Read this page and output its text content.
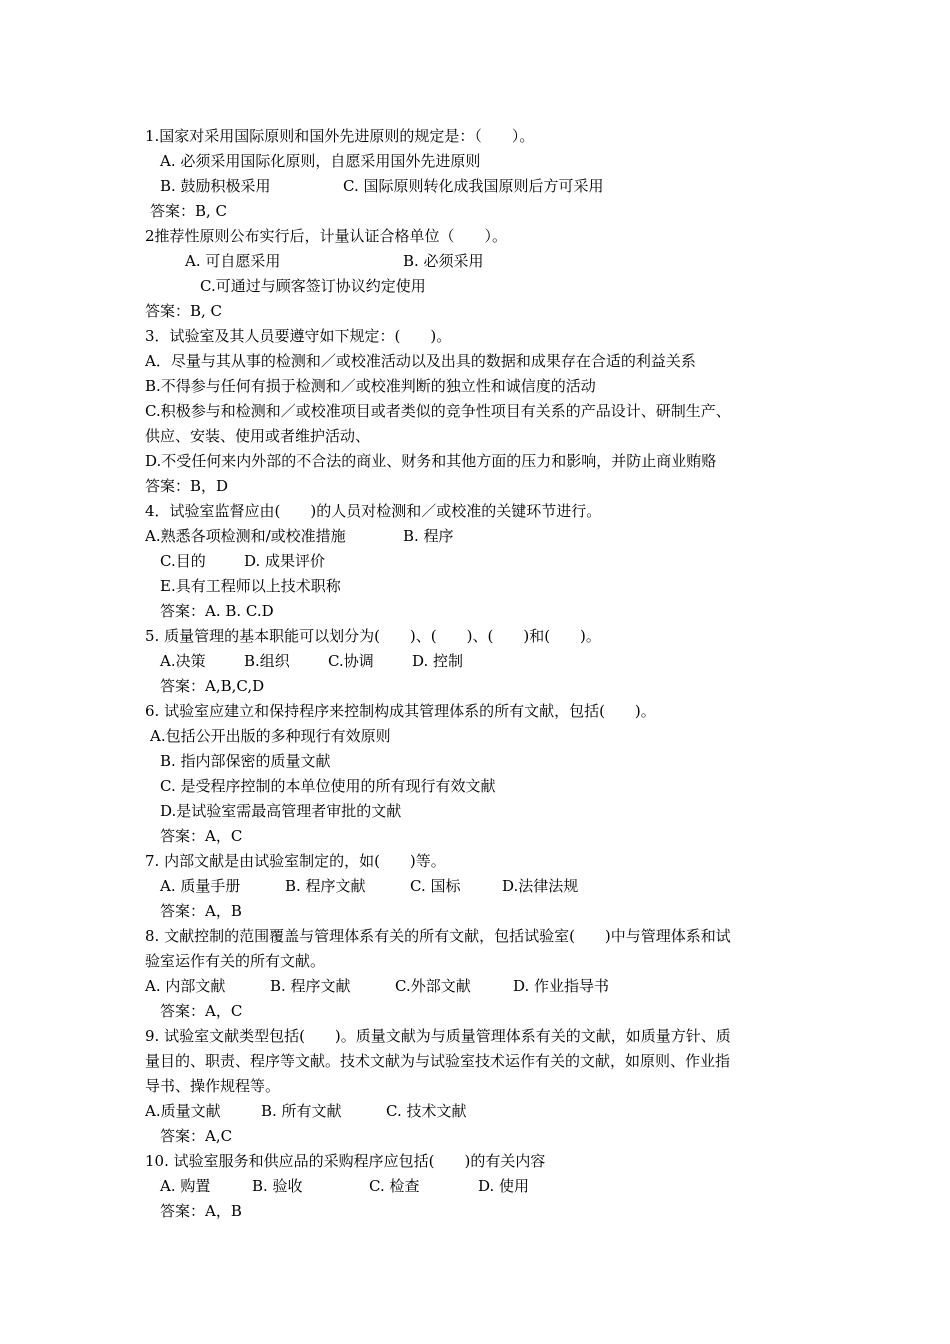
1.国家对采用国际原则和国外先进原则的规定是：（　　）。
A. 必须采用国际化原则，自愿采用国外先进原则
B. 鼓励积极采用	C. 国际原则转化成我国原则后方可采用
答案：B, C
2推荐性原则公布实行后，计量认证合格单位（　　）。
A. 可自愿采用	B. 必须采用
C.可通过与顾客签订协议约定使用
答案：B, C
3．试验室及其人员要遵守如下规定：(　　)。
A．尽量与其从事的检测和／或校准活动以及出具的数据和成果存在合适的利益关系
B.不得参与任何有损于检测和／或校准判断的独立性和诚信度的活动
C.积极参与和检测和／或校准项目或者类似的竞争性项目有关系的产品设计、研制生产、
供应、安装、使用或者维护活动、
D.不受任何来内外部的不合法的商业、财务和其他方面的压力和影响，并防止商业贿赂
答案：B，D
4．试验室监督应由(　　)的人员对检测和／或校准的关键环节进行。
A.熟悉各项检测和/或校准措施	B. 程序
C.目的	D. 成果评价
E.具有工程师以上技术职称
答案：A. B. C.D
5. 质量管理的基本职能可以划分为(　　)、(　　)、(　　)和(　　)。
A.决策	B.组织	C.协调	D. 控制
答案：A,B,C,D
6. 试验室应建立和保持程序来控制构成其管理体系的所有文献，包括(　　)。
A.包括公开出版的多种现行有效原则
B. 指内部保密的质量文献
C. 是受程序控制的本单位使用的所有现行有效文献
D.是试验室需最高管理者审批的文献
答案：A，C
7. 内部文献是由试验室制定的，如(　　)等。
A. 质量手册	B. 程序文献	C. 国标	D.法律法规
答案：A，B
8. 文献控制的范围覆盖与管理体系有关的所有文献，包括试验室(　　)中与管理体系和试
验室运作有关的所有文献。
A. 内部文献	B. 程序文献	C.外部文献	D. 作业指导书
答案：A，C
9. 试验室文献类型包括(　　)。质量文献为与质量管理体系有关的文献，如质量方针、质
量目的、职责、程序等文献。技术文献为与试验室技术运作有关的文献，如原则、作业指
导书、操作规程等。
A.质量文献	B. 所有文献	C. 技术文献
答案：A,C
10. 试验室服务和供应品的采购程序应包括(　　)的有关内容
A. 购置	B. 验收	C. 检查	D. 使用
答案：A，B
